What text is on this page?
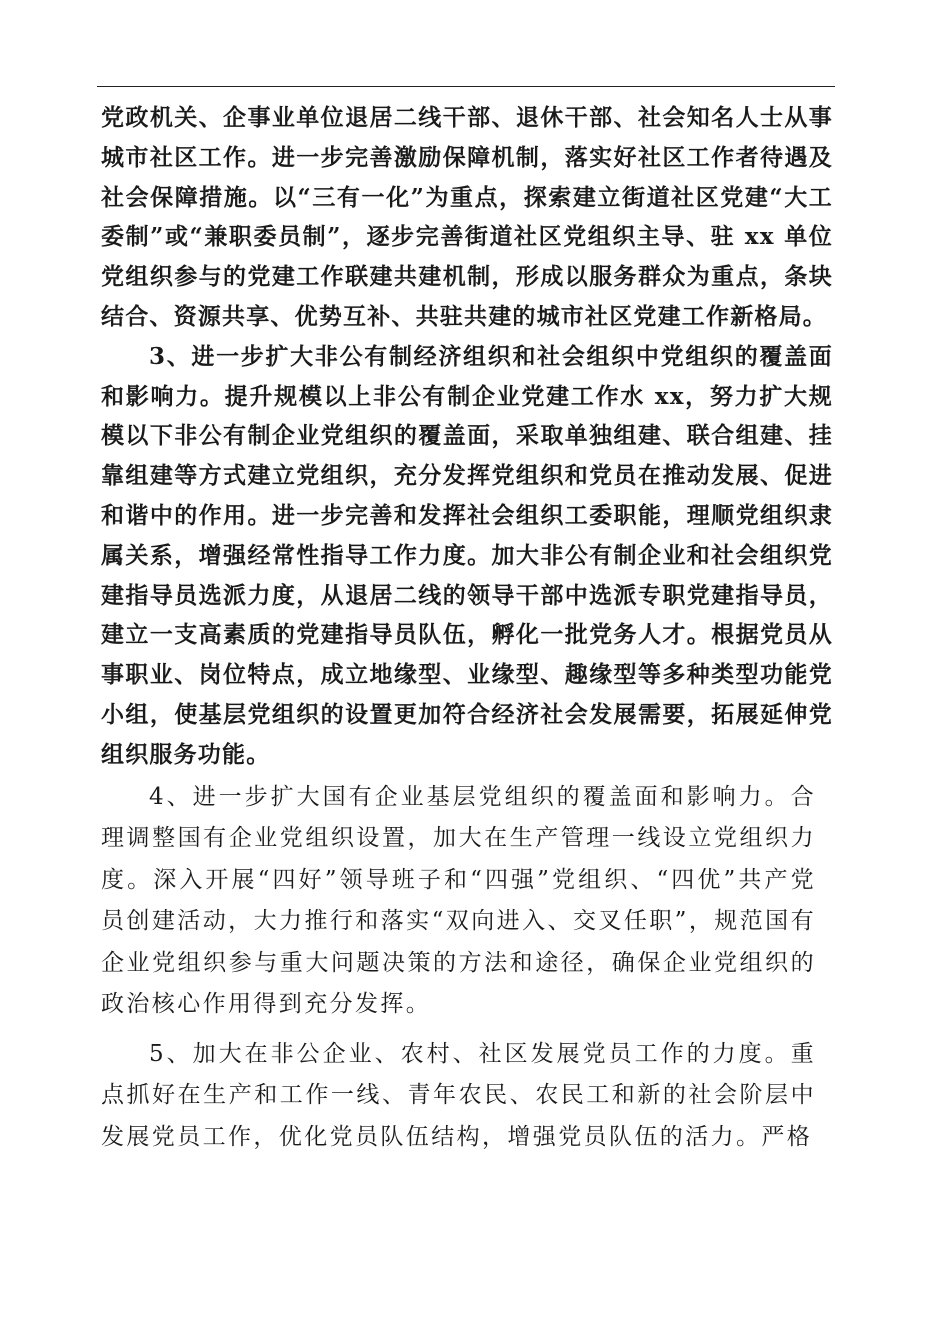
党政机关、企事业单位退居二线干部、退休干部、社会知名人士从事城市社区工作。进一步完善激励保障机制，落实好社区工作者待遇及社会保障措施。以“三有一化”为重点，探索建立街道社区党建“大工委制”或“兼职委员制”，逐步完善街道社区党组织主导、驻 xx 单位党组织参与的党建工作联建共建机制，形成以服务群众为重点，条块结合、资源共享、优势互补、共驻共建的城市社区党建工作新格局。

3、进一步扩大非公有制经济组织和社会组织中党组织的覆盖面和影响力。提升规模以上非公有制企业党建工作水 xx，努力扩大规模以下非公有制企业党组织的覆盖面，采取单独组建、联合组建、挂靠组建等方式建立党组织，充分发挥党组织和党员在推动发展、促进和谐中的作用。进一步完善和发挥社会组织工委职能，理顺党组织隶属关系，增强经常性指导工作力度。加大非公有制企业和社会组织党建指导员选派力度，从退居二线的领导干部中选派专职党建指导员，建立一支高素质的党建指导员队伍，孵化一批党务人才。根据党员从事职业、岗位特点，成立地缘型、业缘型、趣缘型等多种类型功能党小组，使基层党组织的设置更加符合经济社会发展需要，拓展延伸党组织服务功能。

4、进一步扩大国有企业基层党组织的覆盖面和影响力。合理调整国有企业党组织设置，加大在生产管理一线设立党组织力度。深入开展“四好”领导班子和“四强”党组织、“四优”共产党员创建活动，大力推行和落实“双向进入、交叉任职”，规范国有企业党组织参与重大问题决策的方法和途径，确保企业党组织的政治核心作用得到充分发挥。

5、加大在非公企业、农村、社区发展党员工作的力度。重点抓好在生产和工作一线、青年农民、农民工和新的社会阶层中发展党员工作，优化党员队伍结构，增强党员队伍的活力。严格
